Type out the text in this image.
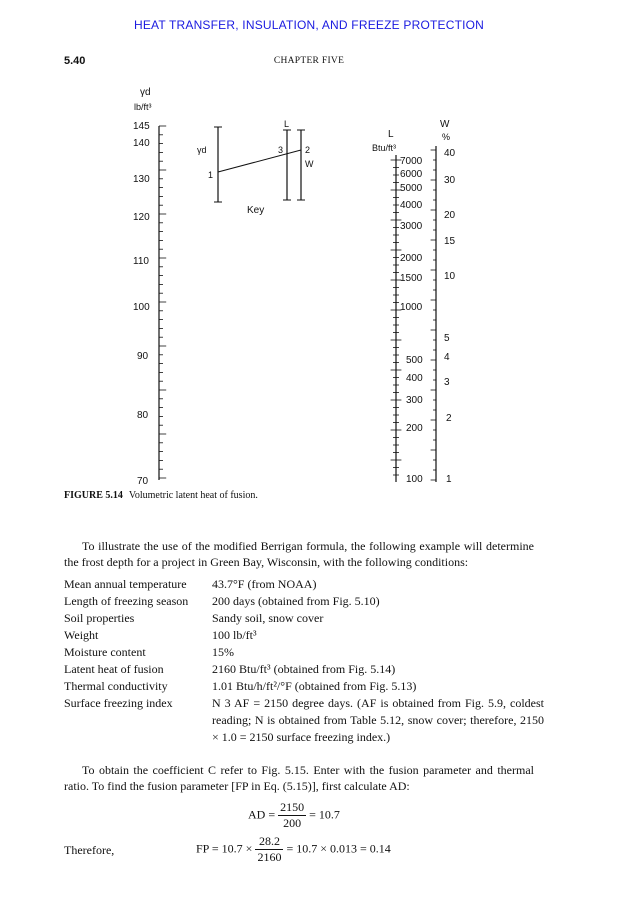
HEAT TRANSFER, INSULATION, AND FREEZE PROTECTION
5.40	CHAPTER FIVE
γd
lb/ft³
145
140
130
120
110
100
90
80
70
γd
L
W
1
2
3
Key
L
Btu/ft³
7000
6000
5000
4000
3000
2000
1500
1000
500
400
300
200
100
W
%
40
30
20
15
10
5
4
3
2
1
FIGURE 5.14 Volumetric latent heat of fusion.

To illustrate the use of the modified Berrigan formula, the following example will determine the frost depth for a project in Green Bay, Wisconsin, with the following conditions:

Mean annual temperature	43.7°F (from NOAA)
Length of freezing season	200 days (obtained from Fig. 5.10)
Soil properties	Sandy soil, snow cover
Weight	100 lb/ft³
Moisture content	15%
Latent heat of fusion	2160 Btu/ft³ (obtained from Fig. 5.14)
Thermal conductivity	1.01 Btu/h/ft²/°F (obtained from Fig. 5.13)
Surface freezing index	N 3 AF = 2150 degree days. (AF is obtained from Fig. 5.9, coldest reading; N is obtained from Table 5.12, snow cover; therefore, 2150 × 1.0 = 2150 surface freezing index.)

To obtain the coefficient C refer to Fig. 5.15. Enter with the fusion parameter and thermal ratio. To find the fusion parameter [FP in Eq. (5.15)], first calculate AD:

AD = $\frac{2150}{200} = 10.7$
Therefore,	FP = $10.7 \times \frac{28.2}{2160} = 10.7 \times 0.013 = 0.14$
